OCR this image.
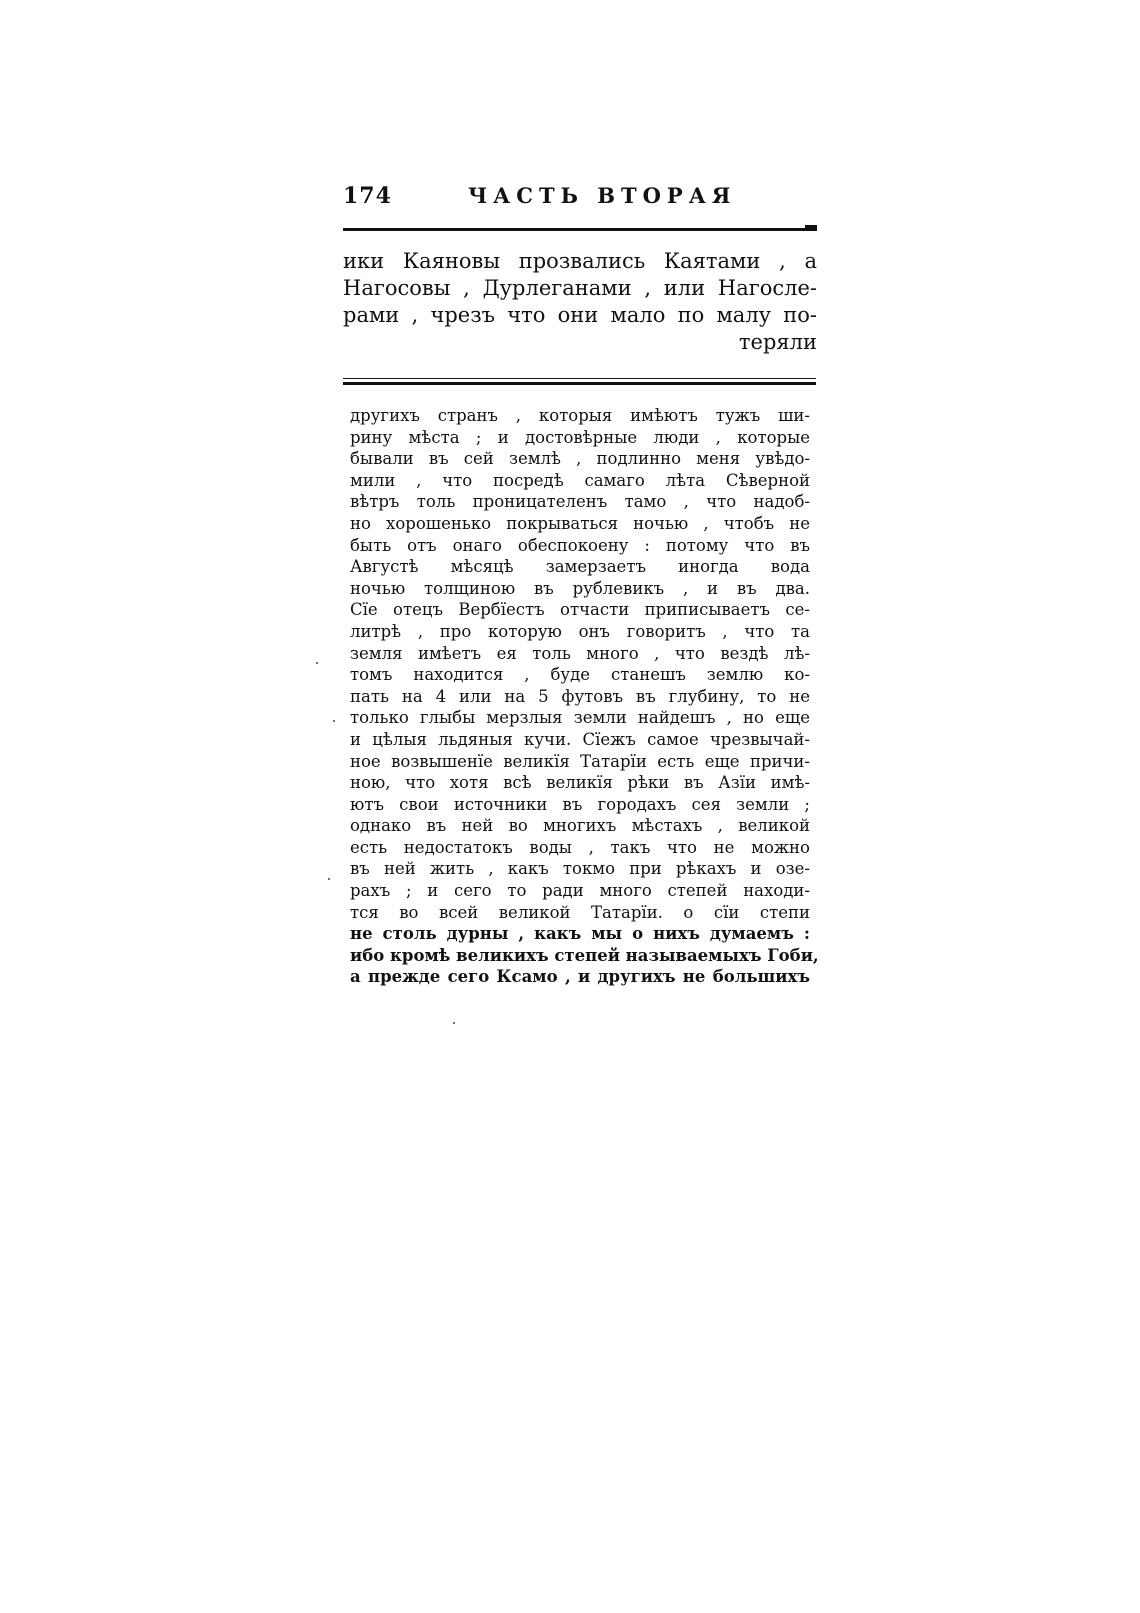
174	ЧАСТЬ ВТОРАЯ
ики Каяновы прозвались Каятами , а
Нагосовы , Дурлеганами , или Нагосле-
рами , чрезъ что они мало по малу по-
теряли
другихъ странъ , которыя имѣютъ тужъ ши-
рину мѣста ; и достовѣрные люди , которые
бывали въ сей землѣ , подлинно меня увѣдо-
мили , что посредѣ самаго лѣта Сѣверной
вѣтръ толь проницателенъ тамо , что надоб-
но хорошенько покрываться ночью , чтобъ не
быть отъ онаго обеспокоену : потому что въ
Августѣ мѣсяцѣ замерзаетъ иногда вода
ночью толщиною въ рублевикъ , и въ два.
Сїе отецъ Вербїестъ отчасти приписываетъ се-
литрѣ , про которую онъ говоритъ , что та
земля имѣетъ ея толь много , что вездѣ лѣ-
томъ находится , буде станешъ землю ко-
пать на 4 или на 5 футовъ въ глубину, то не
только глыбы мерзлыя земли найдешъ , но еще
и цѣлыя льдяныя кучи. Сїежъ самое чрезвычай-
ное возвышенїе великїя Татарїи есть еще причи-
ною, что хотя всѣ великїя рѣки въ Азїи имѣ-
ютъ свои источники въ городахъ сея земли ;
однако въ ней во многихъ мѣстахъ , великой
есть недостатокъ воды , такъ что не можно
въ ней жить , какъ токмо при рѣкахъ и озе-
рахъ ; и сего то ради много степей находи-
тся во всей великой Татарїи. о сїи степи
не столь дурны , какъ мы о нихъ думаемъ :
ибо кромѣ великихъ степей называемыхъ Гоби,
а прежде сего Ксамо , и другихъ не большихъ
